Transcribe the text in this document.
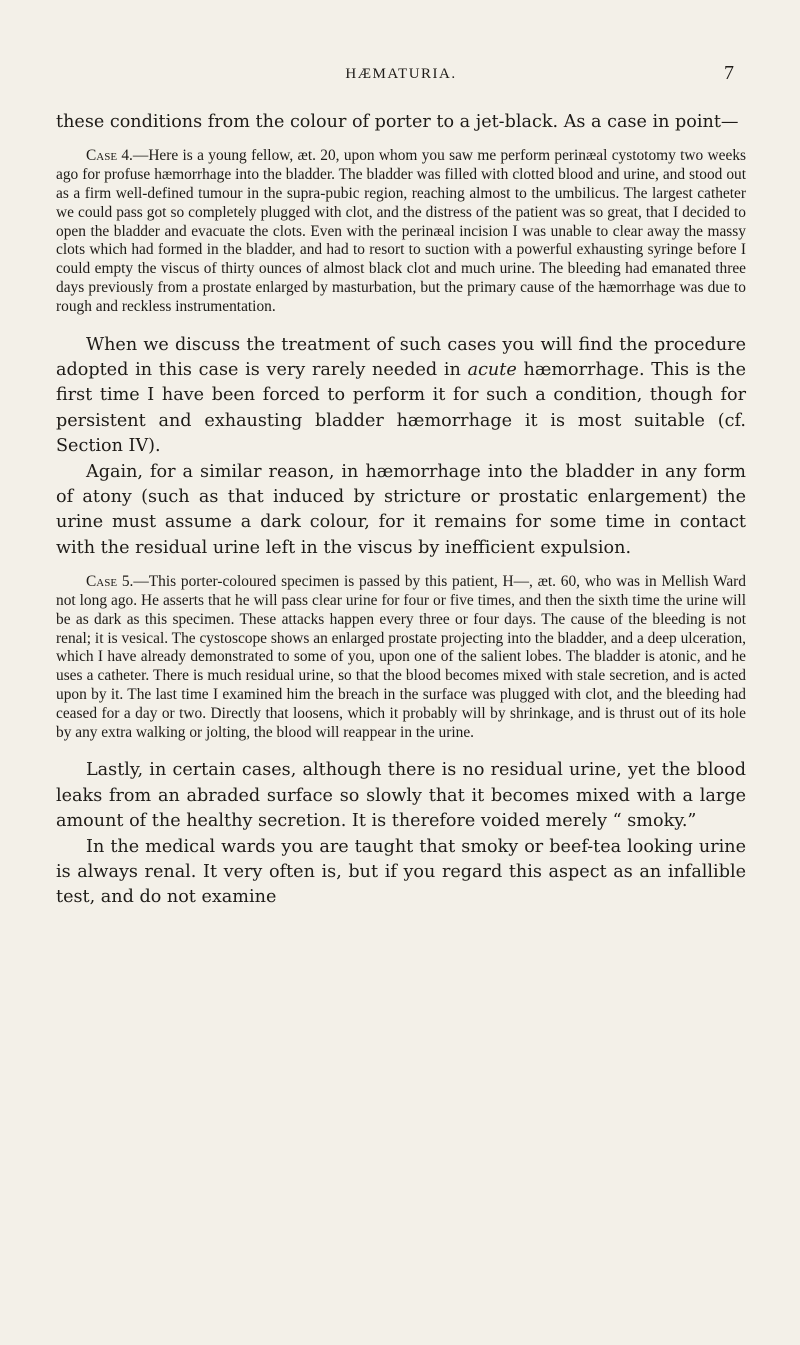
HÆMATURIA.	7

these conditions from the colour of porter to a jet-black. As a case in point—

Case 4.—Here is a young fellow, æt. 20, upon whom you saw me perform perinæal cystotomy two weeks ago for profuse hæmorrhage into the bladder. The bladder was filled with clotted blood and urine, and stood out as a firm well-defined tumour in the supra-pubic region, reaching almost to the umbilicus. The largest catheter we could pass got so completely plugged with clot, and the distress of the patient was so great, that I decided to open the bladder and evacuate the clots. Even with the perinæal incision I was unable to clear away the massy clots which had formed in the bladder, and had to resort to suction with a powerful exhausting syringe before I could empty the viscus of thirty ounces of almost black clot and much urine. The bleeding had emanated three days previously from a prostate enlarged by masturbation, but the primary cause of the hæmorrhage was due to rough and reckless instrumentation.

When we discuss the treatment of such cases you will find the procedure adopted in this case is very rarely needed in acute hæmorrhage. This is the first time I have been forced to perform it for such a condition, though for persistent and exhausting bladder hæmorrhage it is most suitable (cf. Section IV).

Again, for a similar reason, in hæmorrhage into the bladder in any form of atony (such as that induced by stricture or prostatic enlargement) the urine must assume a dark colour, for it remains for some time in contact with the residual urine left in the viscus by inefficient expulsion.

Case 5.—This porter-coloured specimen is passed by this patient, H—, æt. 60, who was in Mellish Ward not long ago. He asserts that he will pass clear urine for four or five times, and then the sixth time the urine will be as dark as this specimen. These attacks happen every three or four days. The cause of the bleeding is not renal; it is vesical. The cystoscope shows an enlarged prostate projecting into the bladder, and a deep ulceration, which I have already demonstrated to some of you, upon one of the salient lobes. The bladder is atonic, and he uses a catheter. There is much residual urine, so that the blood becomes mixed with stale secretion, and is acted upon by it. The last time I examined him the breach in the surface was plugged with clot, and the bleeding had ceased for a day or two. Directly that loosens, which it probably will by shrinkage, and is thrust out of its hole by any extra walking or jolting, the blood will reappear in the urine.

Lastly, in certain cases, although there is no residual urine, yet the blood leaks from an abraded surface so slowly that it becomes mixed with a large amount of the healthy secretion. It is therefore voided merely “ smoky.”

In the medical wards you are taught that smoky or beef-tea looking urine is always renal. It very often is, but if you regard this aspect as an infallible test, and do not examine
